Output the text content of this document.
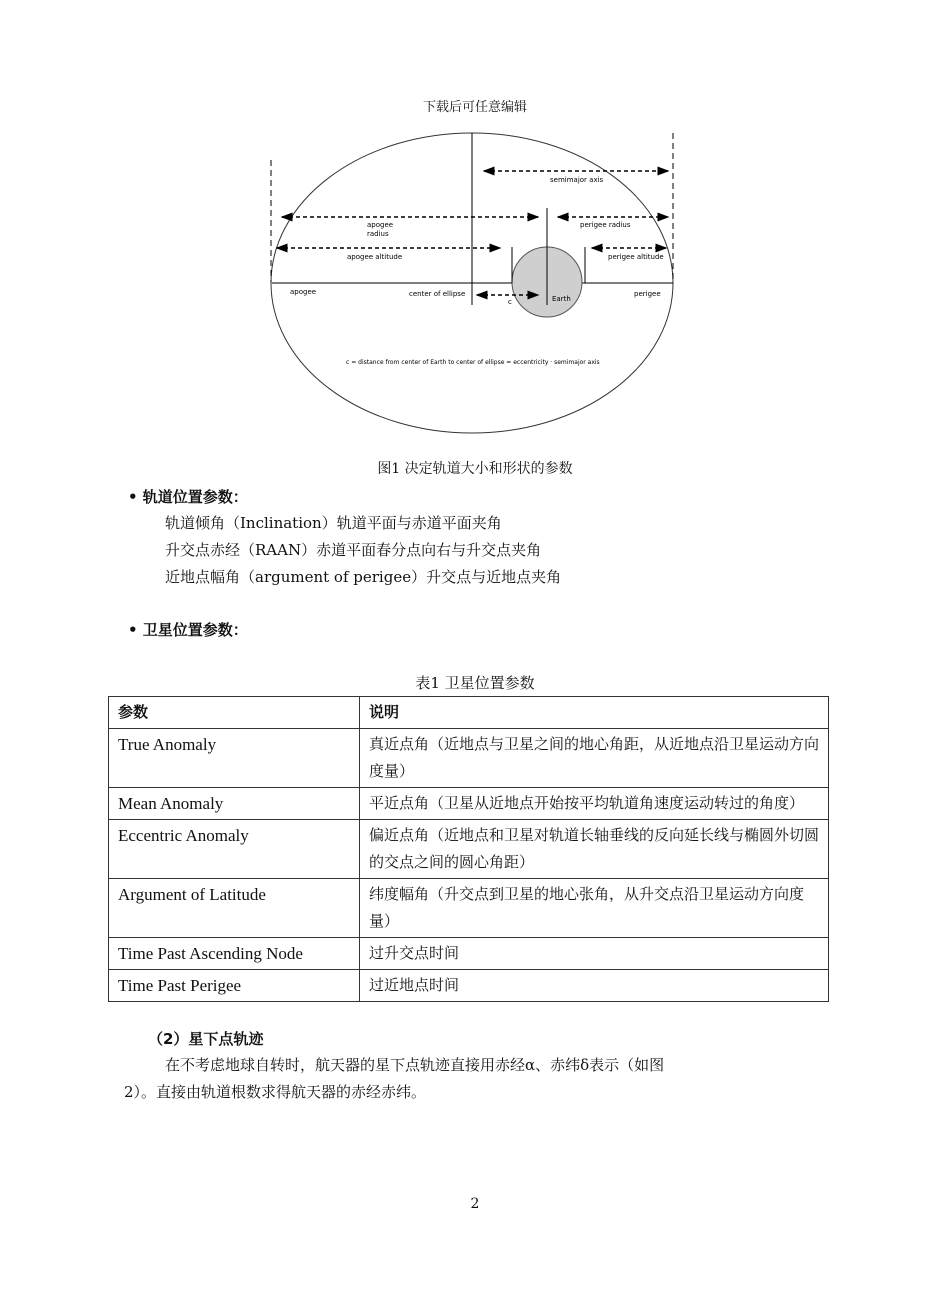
下载后可任意编辑
semimajor axis
apogee
radius
perigee radius
apogee altitude	perigee altitude
apogee	center of ellipse
c	Earth
perigee
c = distance from center of Earth to center of ellipse = eccentricity · semimajor axis
图1 决定轨道大小和形状的参数
• 轨道位置参数：
轨道倾角（Inclination）轨道平面与赤道平面夹角
升交点赤经（RAAN）赤道平面春分点向右与升交点夹角
近地点幅角（argument of perigee）升交点与近地点夹角
• 卫星位置参数：
表1 卫星位置参数
参数	说明
True Anomaly	真近点角（近地点与卫星之间的地心角距，从近地点沿卫星运动方向度量）
Mean Anomaly	平近点角（卫星从近地点开始按平均轨道角速度运动转过的角度）
Eccentric Anomaly	偏近点角（近地点和卫星对轨道长轴垂线的反向延长线与椭圆外切圆的交点之间的圆心角距）
Argument of Latitude	纬度幅角（升交点到卫星的地心张角，从升交点沿卫星运动方向度量）
Time Past Ascending Node	过升交点时间
Time Past Perigee	过近地点时间
（2）星下点轨迹
在不考虑地球自转时，航天器的星下点轨迹直接用赤经α、赤纬δ表示（如图
2）。直接由轨道根数求得航天器的赤经赤纬。
2
